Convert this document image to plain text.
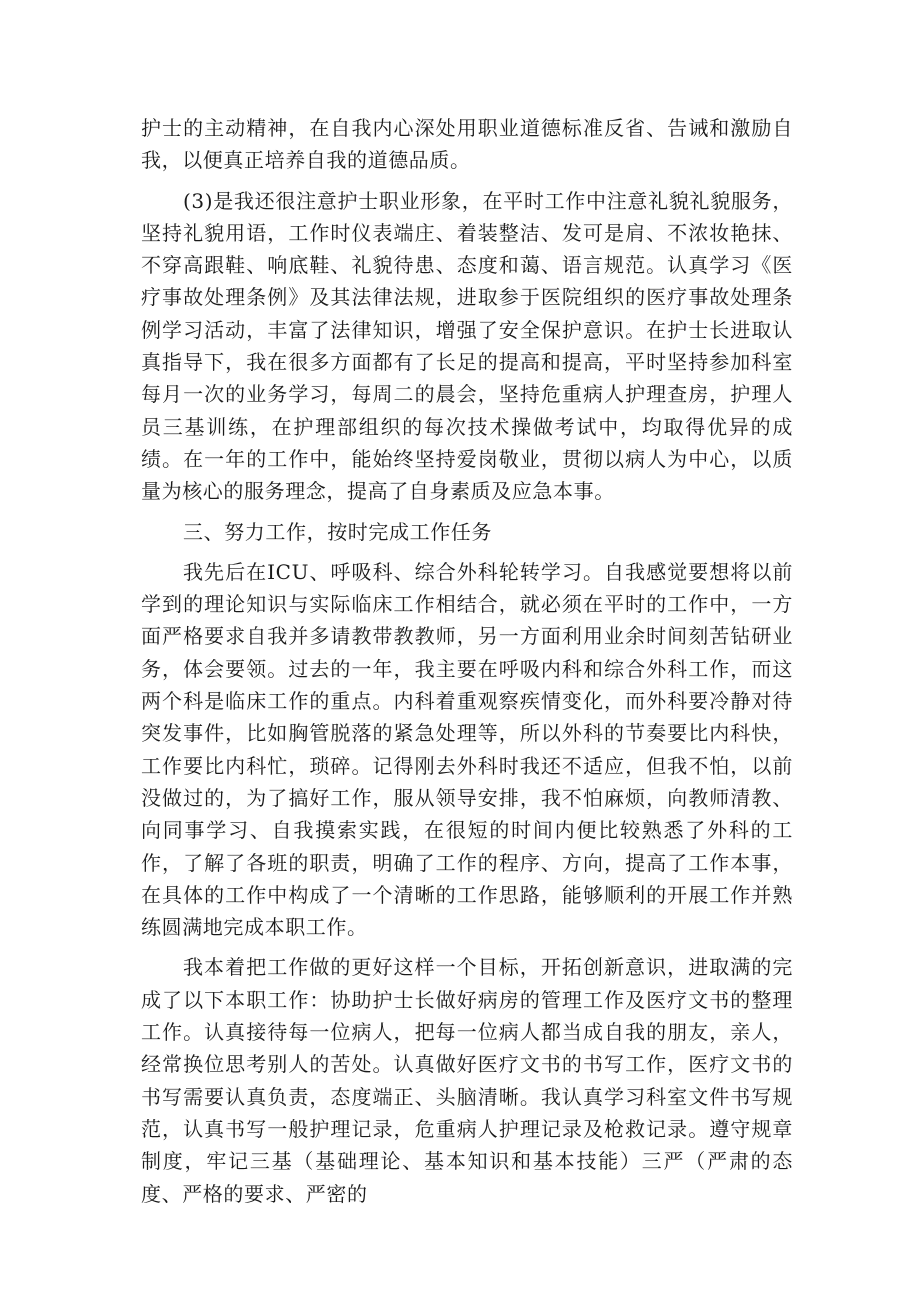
护士的主动精神，在自我内心深处用职业道德标准反省、告诫和激励自我，以便真正培养自我的道德品质。

(3)是我还很注意护士职业形象，在平时工作中注意礼貌礼貌服务，坚持礼貌用语，工作时仪表端庄、着装整洁、发可是肩、不浓妆艳抹、不穿高跟鞋、响底鞋、礼貌待患、态度和蔼、语言规范。认真学习《医疗事故处理条例》及其法律法规，进取参于医院组织的医疗事故处理条例学习活动，丰富了法律知识，增强了安全保护意识。在护士长进取认真指导下，我在很多方面都有了长足的提高和提高，平时坚持参加科室每月一次的业务学习，每周二的晨会，坚持危重病人护理查房，护理人员三基训练，在护理部组织的每次技术操做考试中，均取得优异的成绩。在一年的工作中，能始终坚持爱岗敬业，贯彻以病人为中心，以质量为核心的服务理念，提高了自身素质及应急本事。

三、努力工作，按时完成工作任务

我先后在ICU、呼吸科、综合外科轮转学习。自我感觉要想将以前学到的理论知识与实际临床工作相结合，就必须在平时的工作中，一方面严格要求自我并多请教带教教师，另一方面利用业余时间刻苦钻研业务，体会要领。过去的一年，我主要在呼吸内科和综合外科工作，而这两个科是临床工作的重点。内科着重观察疾情变化，而外科要冷静对待突发事件，比如胸管脱落的紧急处理等，所以外科的节奏要比内科快，工作要比内科忙，琐碎。记得刚去外科时我还不适应，但我不怕，以前没做过的，为了搞好工作，服从领导安排，我不怕麻烦，向教师清教、向同事学习、自我摸索实践，在很短的时间内便比较熟悉了外科的工作，了解了各班的职责，明确了工作的程序、方向，提高了工作本事，在具体的工作中构成了一个清晰的工作思路，能够顺利的开展工作并熟练圆满地完成本职工作。

我本着把工作做的更好这样一个目标，开拓创新意识，进取满的完成了以下本职工作：协助护士长做好病房的管理工作及医疗文书的整理工作。认真接待每一位病人，把每一位病人都当成自我的朋友，亲人，经常换位思考别人的苦处。认真做好医疗文书的书写工作，医疗文书的书写需要认真负责，态度端正、头脑清晰。我认真学习科室文件书写规范，认真书写一般护理记录，危重病人护理记录及枪救记录。遵守规章制度，牢记三基（基础理论、基本知识和基本技能）三严（严肃的态度、严格的要求、严密的
